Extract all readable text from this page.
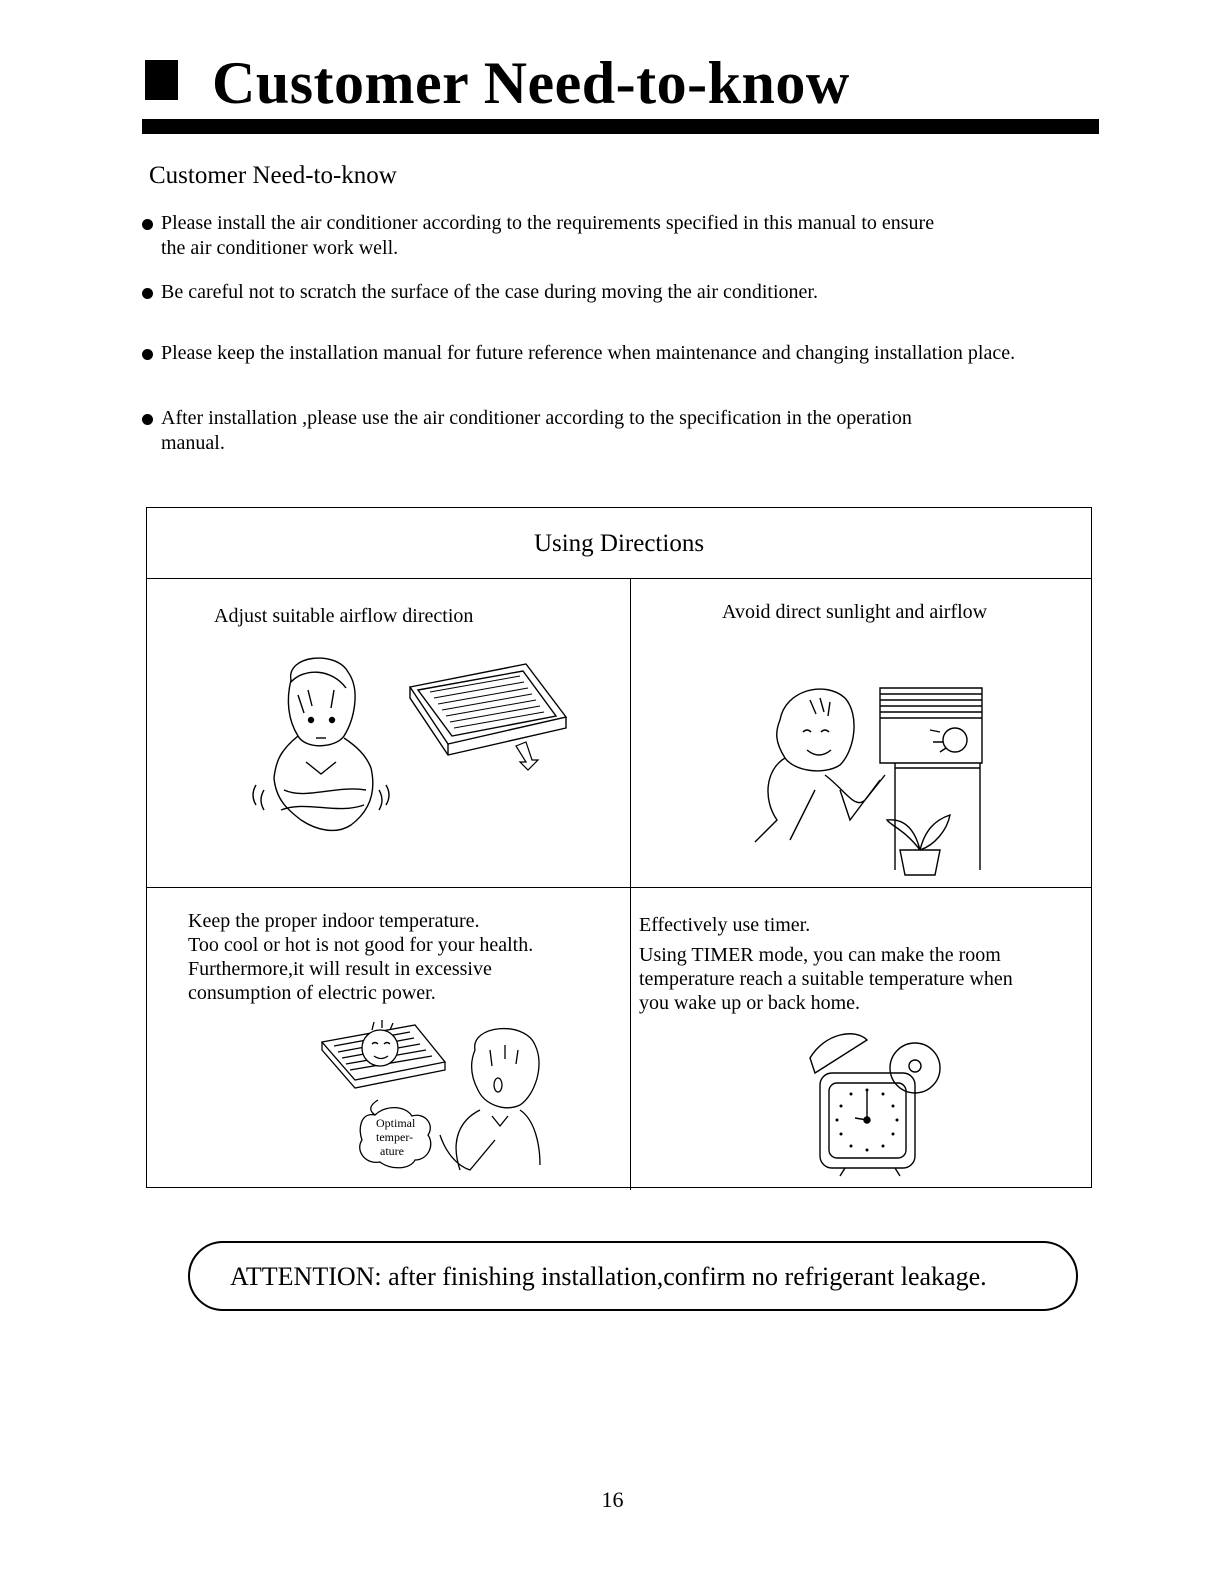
Customer Need-to-know
Customer Need-to-know
Please install the air conditioner according to the requirements specified in this manual to ensure
the air conditioner work well.
Be careful not to scratch the surface of the case during moving the air conditioner.
Please keep the installation manual for future reference when maintenance and changing installation place.
After installation ,please use the air conditioner according to the specification in the operation
manual.
Using Directions
Adjust suitable airflow direction	Avoid direct sunlight and airflow
Keep the proper indoor temperature.
Too cool or hot is not good for your health.
Furthermore,it will result in excessive
consumption of electric power.
Optimal
temper-
ature
Effectively use timer.
Using TIMER mode, you can make the room
temperature reach a suitable temperature when
you wake up or back home.
ATTENTION: after finishing installation,confirm no refrigerant leakage.
16
